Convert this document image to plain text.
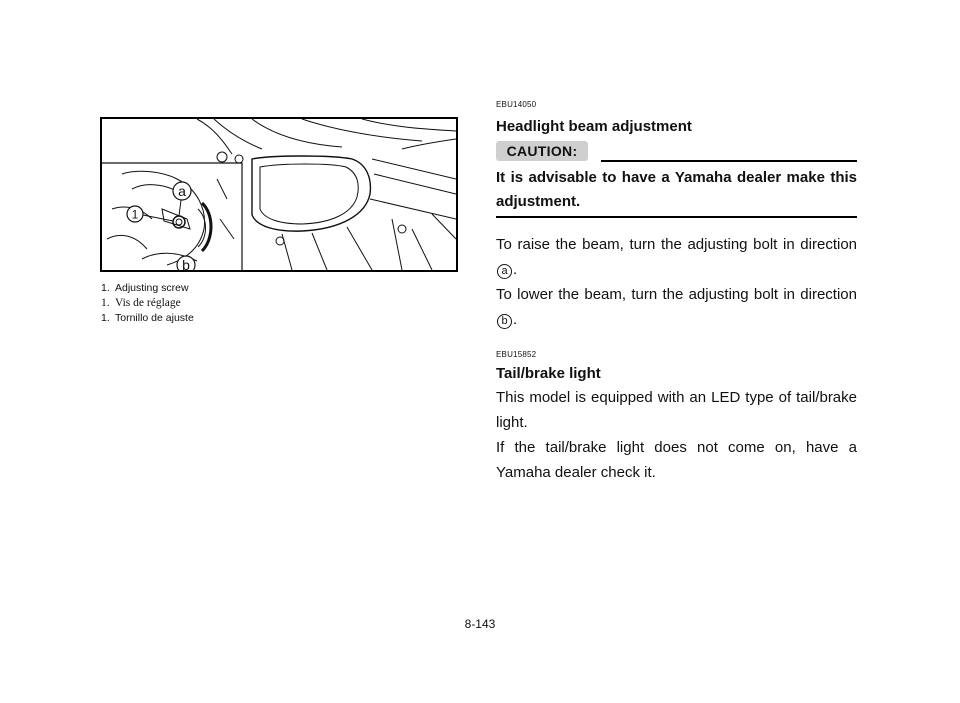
a
1
b
1. Adjusting screw
1. Vis de réglage
1. Tornillo de ajuste
EBU14050
Headlight beam adjustment
CAUTION:
It is advisable to have a Yamaha dealer make this adjustment.
To raise the beam, turn the adjusting bolt in direction a .
To lower the beam, turn the adjusting bolt in direction b .
EBU15852
Tail/brake light
This model is equipped with an LED type of tail/brake light.
If the tail/brake light does not come on, have a Yamaha dealer check it.
8-143
